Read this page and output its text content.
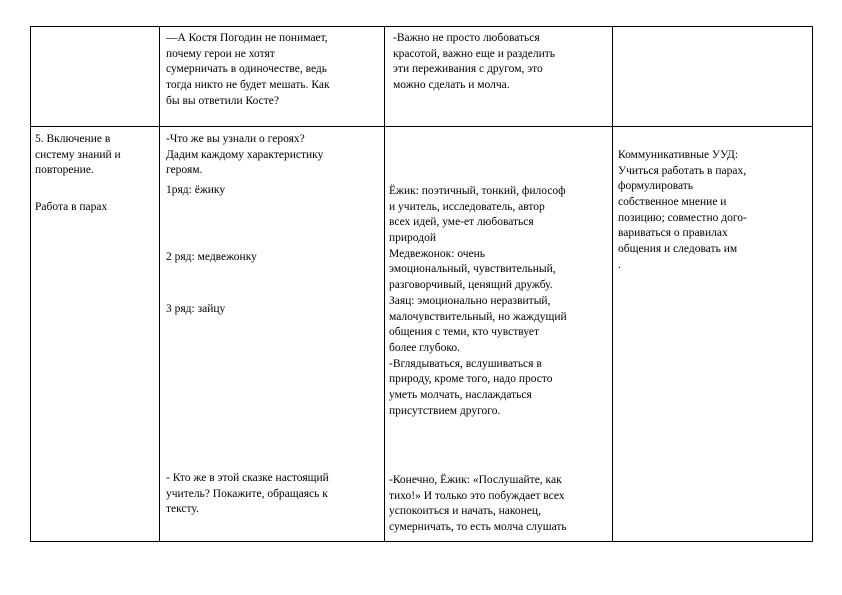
—А Костя Погодин не понимает,
почему герои не хотят
сумерничать в одиночестве, ведь
тогда никто не будет мешать. Как
бы вы ответили Косте?
-Важно не просто любоваться
красотой, важно еще и разделить
эти переживания с другом, это
можно сделать и молча.
5. Включение в
систему знаний и
повторение.
Работа в парах
-Что же вы узнали о героях?
Дадим каждому характеристику
героям.
1ряд: ёжику
2 ряд: медвежонку
3 ряд: зайцу
- Кто же в этой сказке настоящий
учитель? Покажите, обращаясь к
тексту.
Ёжик: поэтичный, тонкий, философ
и учитель, исследователь, автор
всех идей, уме-ет любоваться
природой
Медвежонок: очень
эмоциональный, чувствительный,
разговорчивый, ценящий дружбу.
Заяц: эмоционально неразвитый,
малочувствительный, но жаждущий
общения с теми, кто чувствует
более глубоко.
-Вглядываться, вслушиваться в
природу, кроме того, надо просто
уметь молчать, наслаждаться
присутствием другого.
-Конечно, Ёжик: «Послушайте, как
тихо!» И только это побуждает всех
успокоиться и начать, наконец,
сумерничать, то есть молча слушать
Коммуникативные УУД:
Учиться работать в парах,
формулировать
собственное мнение и
позицию; совместно дого-
вариваться о правилах
общения и следовать им
.
